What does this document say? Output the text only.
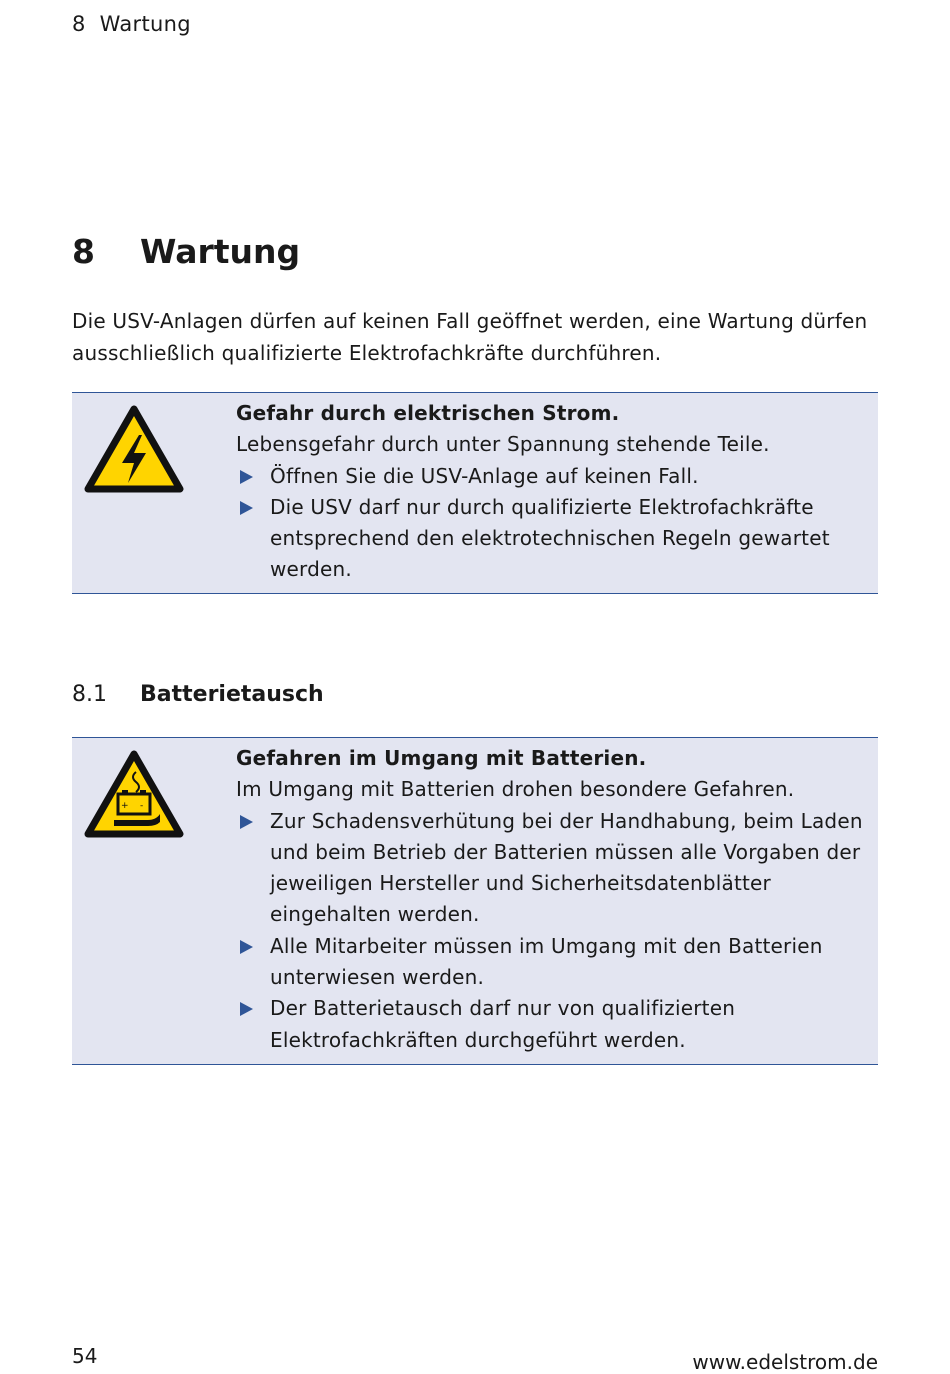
8 Wartung
8 Wartung

Die USV-Anlagen dürfen auf keinen Fall geöffnet werden, eine Wartung dürfen ausschließlich qualifizierte Elektrofachkräfte durchführen.

Gefahr durch elektrischen Strom.
Lebensgefahr durch unter Spannung stehende Teile.
Öffnen Sie die USV-Anlage auf keinen Fall.
Die USV darf nur durch qualifizierte Elektrofachkräfte entsprechend den elektrotechnischen Regeln gewartet werden.
8.1 Batterietausch
+ -
Gefahren im Umgang mit Batterien.
Im Umgang mit Batterien drohen besondere Gefahren.
Zur Schadensverhütung bei der Handhabung, beim Laden und beim Betrieb der Batterien müssen alle Vorgaben der jeweiligen Hersteller und Sicherheitsdatenblätter eingehalten werden.
Alle Mitarbeiter müssen im Umgang mit den Batterien unterwiesen werden.
Der Batterietausch darf nur von qualifizierten Elektrofachkräften durchgeführt werden.
54	www.edelstrom.de
